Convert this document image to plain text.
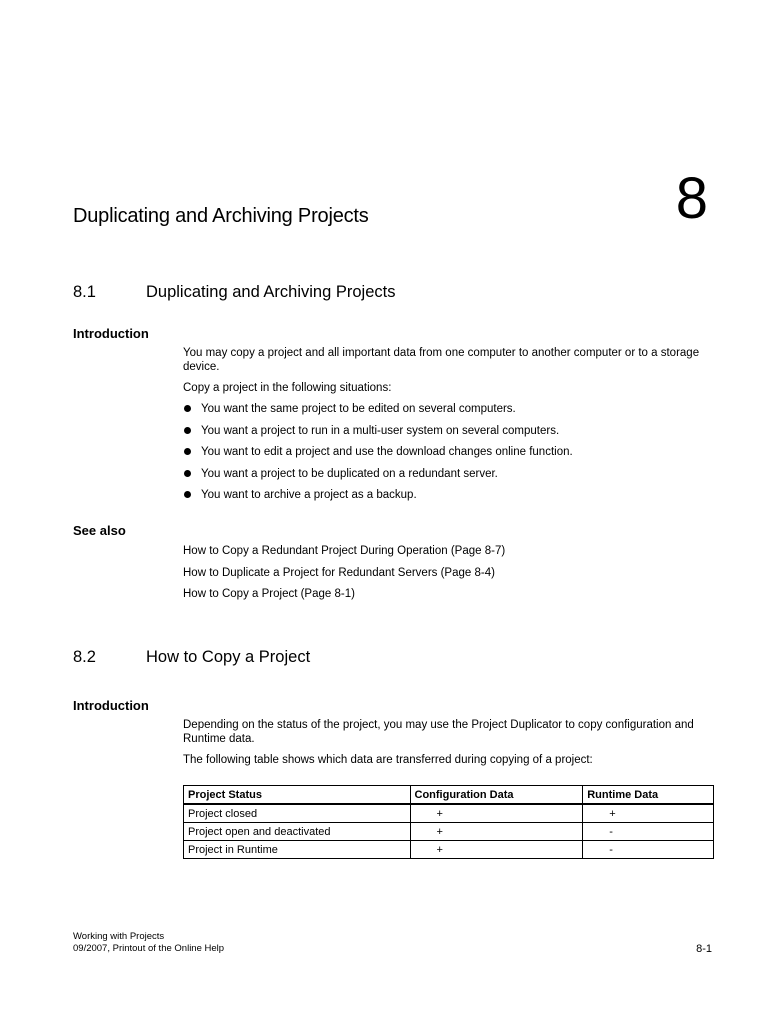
Duplicating and Archiving Projects	8
8.1	Duplicating and Archiving Projects
Introduction

You may copy a project and all important data from one computer to another computer or to a storage device.

Copy a project in the following situations:

You want the same project to be edited on several computers.
You want a project to run in a multi-user system on several computers.
You want to edit a project and use the download changes online function.
You want a project to be duplicated on a redundant server.
You want to archive a project as a backup.
See also
How to Copy a Redundant Project During Operation (Page 8-7)
How to Duplicate a Project for Redundant Servers (Page 8-4)
How to Copy a Project (Page 8-1)
8.2	How to Copy a Project
Introduction

Depending on the status of the project, you may use the Project Duplicator to copy configuration and Runtime data.

The following table shows which data are transferred during copying of a project:

Project Status	Configuration Data	Runtime Data
Project closed	+	+
Project open and deactivated	+	-
Project in Runtime	+	-
Working with Projects
09/2007, Printout of the Online Help	8-1
